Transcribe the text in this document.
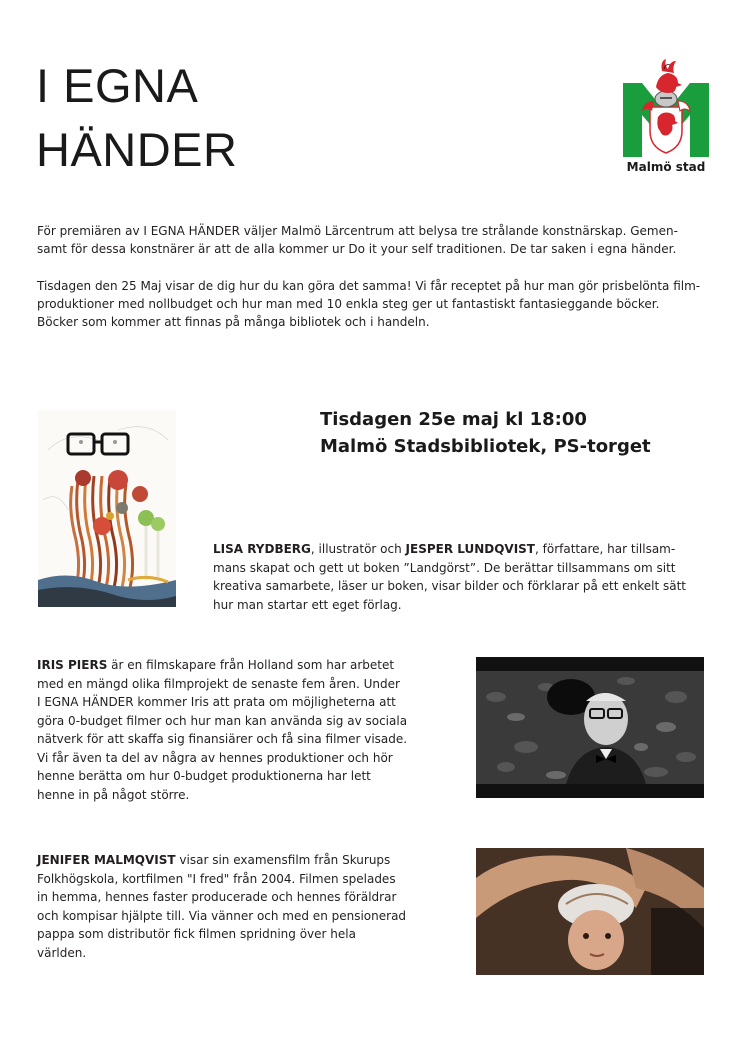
I EGNA
HÄNDER	Malmö stad

För premiären av I EGNA HÄNDER väljer Malmö Lärcentrum att belysa tre strålande konstnärskap. Gemen-
samt för dessa konstnärer är att de alla kommer ur Do it your self traditionen. De tar saken i egna händer.

Tisdagen den 25 Maj visar de dig hur du kan göra det samma! Vi får receptet på hur man gör prisbelönta film-
produktioner med nollbudget och hur man med 10 enkla steg ger ut fantastiskt fantasieggande böcker.
Böcker som kommer att finnas på många bibliotek och i handeln.

Tisdagen 25e maj kl 18:00
Malmö Stadsbibliotek, PS-torget

LISA RYDBERG, illustratör och JESPER LUNDQVIST, författare, har tillsam-
mans skapat och gett ut boken ”Landgörst”. De berättar tillsammans om sitt
kreativa samarbete, läser ur boken, visar bilder och förklarar på ett enkelt sätt
hur man startar ett eget förlag.

IRIS PIERS är en filmskapare från Holland som har arbetet
med en mängd olika filmprojekt de senaste fem åren. Under
I EGNA HÄNDER kommer Iris att prata om möjligheterna att
göra 0-budget filmer och hur man kan använda sig av sociala
nätverk för att skaffa sig finansiärer och få sina filmer visade.
Vi får även ta del av några av hennes produktioner och hör
henne berätta om hur 0-budget produktionerna har lett
henne in på något större.

JENIFER MALMQVIST visar sin examensfilm från Skurups
Folkhögskola, kortfilmen "I fred" från 2004. Filmen spelades
in hemma, hennes faster producerade och hennes föräldrar
och kompisar hjälpte till. Via vänner och med en pensionerad
pappa som distributör fick filmen spridning över hela
världen.
